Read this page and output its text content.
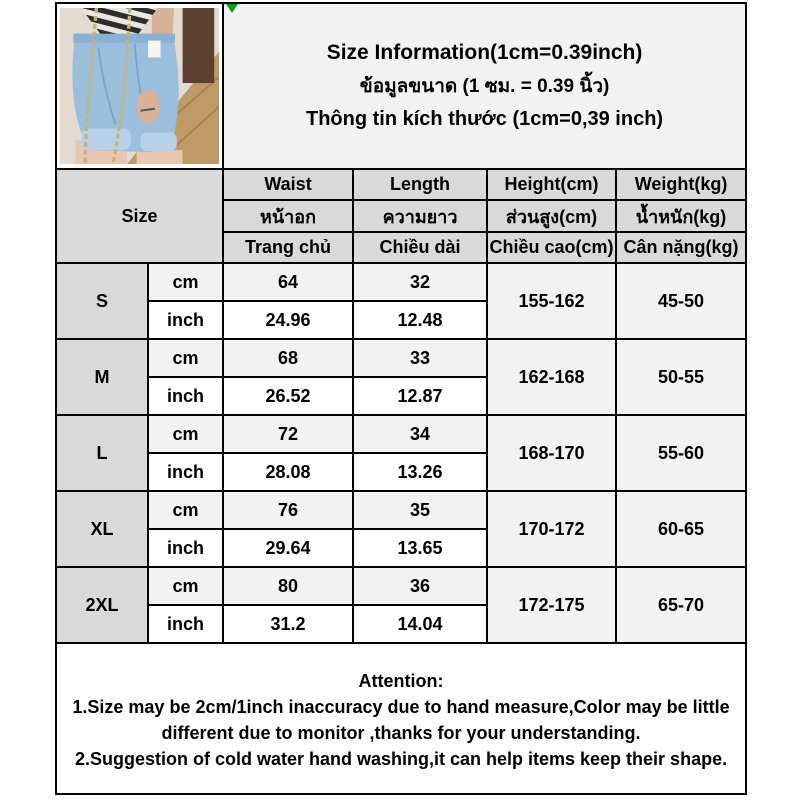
Size Information(1cm=0.39inch)
ข้อมูลขนาด (1 ซม. = 0.39 นิ้ว)
Thông tin kích thước (1cm=0,39 inch)			

Size		Waist	Length	Height(cm)	Weight(kg)
		หน้าอก	ความยาว	ส่วนสูง(cm)	น้ำหนัก(kg)
		Trang chủ	Chiều dài	Chiều cao(cm)	Cân nặng(kg)
S	cm	64	32	155-162	45-50
	inch	24.96	12.48		
M	cm	68	33	162-168	50-55
	inch	26.52	12.87		
L	cm	72	34	168-170	55-60
	inch	28.08	13.26		
XL	cm	76	35	170-172	60-65
	inch	29.64	13.65		
2XL	cm	80	36	172-175	65-70
	inch	31.2	14.04		

Attention:
1.Size may be 2cm/1inch inaccuracy due to hand measure,Color may be little different due to monitor ,thanks for your understanding.
2.Suggestion of cold water hand washing,it can help items keep their shape.					
